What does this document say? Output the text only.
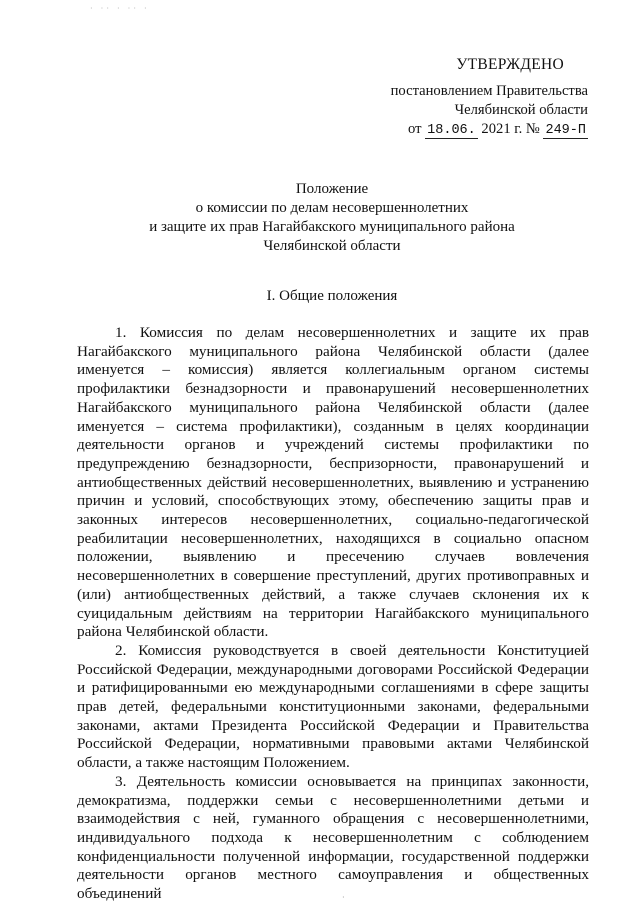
· ·· · ·· ·
УТВЕРЖДЕНО
постановлением Правительства
Челябинской области
от 18.06. 2021 г. № 249-П
Положение
о комиссии по делам несовершеннолетних
и защите их прав Нагайбакского муниципального района
Челябинской области
I. Общие положения

1. Комиссия по делам несовершеннолетних и защите их прав Нагайбакского муниципального района Челябинской области (далее именуется – комиссия) является коллегиальным органом системы профилактики безнадзорности и правонарушений несовершеннолетних Нагайбакского муниципального района Челябинской области (далее именуется – система профилактики), созданным в целях координации деятельности органов и учреждений системы профилактики по предупреждению безнадзорности, беспризорности, правонарушений и антиобщественных действий несовершеннолетних, выявлению и устранению причин и условий, способствующих этому, обеспечению защиты прав и законных интересов несовершеннолетних, социально-педагогической реабилитации несовершеннолетних, находящихся в социально опасном положении, выявлению и пресечению случаев вовлечения несовершеннолетних в совершение преступлений, других противоправных и (или) антиобщественных действий, а также случаев склонения их к суицидальным действиям на территории Нагайбакского муниципального района Челябинской области.

2. Комиссия руководствуется в своей деятельности Конституцией Российской Федерации, международными договорами Российской Федерации и ратифицированными ею международными соглашениями в сфере защиты прав детей, федеральными конституционными законами, федеральными законами, актами Президента Российской Федерации и Правительства Российской Федерации, нормативными правовыми актами Челябинской области, а также настоящим Положением.

3. Деятельность комиссии основывается на принципах законности, демократизма, поддержки семьи с несовершеннолетними детьми и взаимодействия с ней, гуманного обращения с несовершеннолетними, индивидуального подхода к несовершеннолетним с соблюдением конфиденциальности полученной информации, государственной поддержки деятельности органов местного самоуправления и общественных объединений	·
